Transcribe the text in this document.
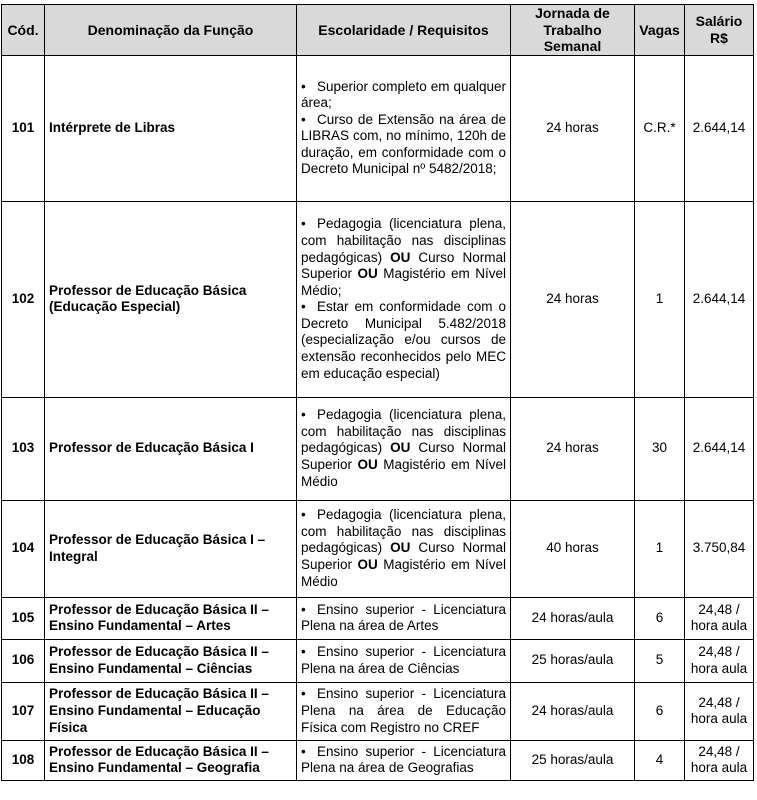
Cód.	Denominação da Função	Escolaridade / Requisitos	Jornada de
Trabalho Semanal	Vagas	Salário
R$

101	Intérprete de Libras	• Superior completo em qualquer área;
• Curso de Extensão na área de LIBRAS com, no mínimo, 120h de duração, em conformidade com o Decreto Municipal nº 5482/2018;	24 horas	C.R.*	2.644,14
102	Professor de Educação Básica
(Educação Especial)	• Pedagogia (licenciatura plena, com habilitação nas disciplinas pedagógicas) OU Curso Normal Superior OU Magistério em Nível Médio;
• Estar em conformidade com o Decreto Municipal 5.482/2018 (especialização e/ou cursos de extensão reconhecidos pelo MEC em educação especial)	24 horas	1	2.644,14
103	Professor de Educação Básica I	• Pedagogia (licenciatura plena, com habilitação nas disciplinas pedagógicas) OU Curso Normal Superior OU Magistério em Nível Médio	24 horas	30	2.644,14
104	Professor de Educação Básica I –
Integral	• Pedagogia (licenciatura plena, com habilitação nas disciplinas pedagógicas) OU Curso Normal Superior OU Magistério em Nível Médio	40 horas	1	3.750,84
105	Professor de Educação Básica II –
Ensino Fundamental – Artes	• Ensino superior - Licenciatura Plena na área de Artes	24 horas/aula	6	24,48 /
hora aula

106	Professor de Educação Básica II –
Ensino Fundamental – Ciências	• Ensino superior - Licenciatura Plena na área de Ciências	25 horas/aula	5	24,48 /
hora aula

107	Professor de Educação Básica II –
Ensino Fundamental – Educação
Física	• Ensino superior - Licenciatura Plena na área de Educação Física com Registro no CREF	24 horas/aula	6	24,48 /
hora aula

108	Professor de Educação Básica II –
Ensino Fundamental – Geografia	• Ensino superior - Licenciatura Plena na área de Geografias	25 horas/aula	4	24,48 /
hora aula
